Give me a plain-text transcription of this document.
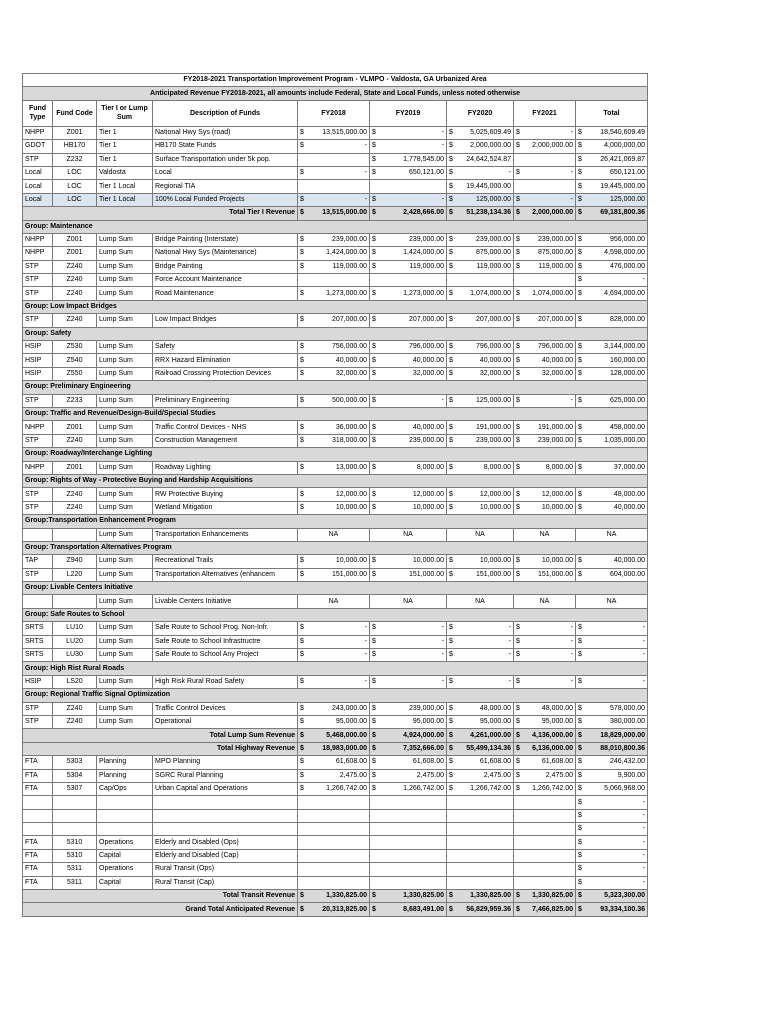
FY2018-2021 Transportation Improvement Program - VLMPO - Valdosta, GA Urbanized Area								
Anticipated Revenue FY2018-2021, all amounts include Federal, State and Local Funds, unless noted otherwise								
Fund Type	Fund Code	Tier I or Lump Sum	Description of Funds	FY2018	FY2019	FY2020	FY2021	Total
NHPP	Z001	Tier 1	National Hwy Sys (road)	$ 13,515,000.00	$ -	$ 5,025,609.49	$ -	$ 18,540,609.49

GDOT	HB170	Tier 1	HB170 State Funds	$ -	$ -	$ 2,000,000.00	$ 2,000,000.00	$ 4,000,000.00

STP	Z232	Tier 1	Surface Transportation under 5k pop.		$ 1,778,545.00	$ 24,642,524.87		$ 26,421,069.87

Local	LOC	Valdosta	Local	$ -	$ 650,121.00	$ -	$ -	$ 650,121.00

Local	LOC	Tier 1 Local	Regional TIA			$ 19,445,000.00		$ 19,445,000.00

Local	LOC	Tier 1 Local	100% Local Funded Projects	$ -	$ -	$ 125,000.00	$ -	$ 125,000.00

Total Tier I Revenue				$ 13,515,000.00	$ 2,428,666.00	$ 51,238,134.36	$ 2,000,000.00	$ 69,181,800.36

Group: Maintenance								
NHPP	Z001	Lump Sum	Bridge Painting (Interstate)	$ 239,000.00	$ 239,000.00	$ 239,000.00	$ 239,000.00	$ 956,000.00

NHPP	Z001	Lump Sum	National Hwy Sys (Maintenance)	$ 1,424,000.00	$ 1,424,000.00	$ 875,000.00	$ 875,000.00	$ 4,598,000.00

STP	Z240	Lump Sum	Bridge Painting	$ 119,000.00	$ 119,000.00	$ 119,000.00	$ 119,000.00	$ 476,000.00

STP	Z240	Lump Sum	Force Account Maintenance					$ -

STP	Z240	Lump Sum	Road Maintenance	$ 1,273,000.00	$ 1,273,000.00	$ 1,074,000.00	$ 1,074,000.00	$ 4,694,000.00

Group: Low Impact Bridges								
STP	Z240	Lump Sum	Low Impact Bridges	$ 207,000.00	$ 207,000.00	$ 207,000.00	$ 207,000.00	$ 828,000.00

Group: Safety								
HSIP	Z530	Lump Sum	Safety	$ 756,000.00	$ 796,000.00	$ 796,000.00	$ 796,000.00	$ 3,144,000.00

HSIP	Z540	Lump Sum	RRX Hazard Elimination	$ 40,000.00	$ 40,000.00	$ 40,000.00	$ 40,000.00	$ 160,000.00

HSIP	Z550	Lump Sum	Railroad Crossing Protection Devices	$ 32,000.00	$ 32,000.00	$ 32,000.00	$ 32,000.00	$ 128,000.00

Group: Preliminary Engineering								
STP	Z233	Lump Sum	Preliminary Engineering	$ 500,000.00	$ -	$ 125,000.00	$ -	$ 625,000.00

Group: Traffic and Revenue/Design-Build/Special Studies								
NHPP	Z001	Lump Sum	Traffic Control Devices - NHS	$ 36,000.00	$ 40,000.00	$ 191,000.00	$ 191,000.00	$ 458,000.00

STP	Z240	Lump Sum	Construction Management	$ 318,000.00	$ 239,000.00	$ 239,000.00	$ 239,000.00	$ 1,035,000.00

Group: Roadway/Interchange Lighting								
NHPP	Z001	Lump Sum	Roadway Lighting	$ 13,000.00	$ 8,000.00	$ 8,000.00	$ 8,000.00	$ 37,000.00

Group: Rights of Way - Protective Buying and Hardship Acquisitions								
STP	Z240	Lump Sum	RW Protective Buying	$ 12,000.00	$ 12,000.00	$ 12,000.00	$ 12,000.00	$ 48,000.00

STP	Z240	Lump Sum	Wetland Mitigation	$ 10,000.00	$ 10,000.00	$ 10,000.00	$ 10,000.00	$ 40,000.00

Group:Transportation Enhancement Program								
		Lump Sum	Transportation Enhancements	NA	NA	NA	NA	NA

Group: Transportation Alternatives Program								
TAP	Z940	Lump Sum	Recreational Trails	$ 10,000.00	$ 10,000.00	$ 10,000.00	$ 10,000.00	$ 40,000.00

STP	L220	Lump Sum	Transportation Alternatives (enhancem	$ 151,000.00	$ 151,000.00	$ 151,000.00	$ 151,000.00	$ 604,000.00

Group: Livable Centers Initiative								
		Lump Sum	Livable Centers Initiative	NA	NA	NA	NA	NA

Group: Safe Routes to School								
SRTS	LU10	Lump Sum	Safe Route to School Prog. Non-Infr.	$ -	$ -	$ -	$ -	$ -

SRTS	LU20	Lump Sum	Safe Route to School Infrastructre	$ -	$ -	$ -	$ -	$ -

SRTS	LU30	Lump Sum	Safe Route to School Any Project	$ -	$ -	$ -	$ -	$ -

Group: High Rist Rural Roads								
HSIP	LS20	Lump Sum	High Risk Rural Road Safety	$ -	$ -	$ -	$ -	$ -

Group: Regional Traffic Signal Optimization								
STP	Z240	Lump Sum	Traffic Control Devices	$ 243,000.00	$ 239,000.00	$ 48,000.00	$ 48,000.00	$ 578,000.00

STP	Z240	Lump Sum	Operational	$ 95,000.00	$ 95,000.00	$ 95,000.00	$ 95,000.00	$ 380,000.00

Total Lump Sum Revenue				$ 5,468,000.00	$ 4,924,000.00	$ 4,261,000.00	$ 4,136,000.00	$ 18,829,000.00

Total Highway Revenue				$ 18,983,000.00	$ 7,352,666.00	$ 55,499,134.36	$ 6,136,000.00	$ 88,010,800.36

FTA	5303	Planning	MPO Planning	$ 61,608.00	$ 61,608.00	$ 61,608.00	$ 61,608.00	$ 246,432.00

FTA	5304	Planning	SGRC Rural Planning	$ 2,475.00	$ 2,475.00	$ 2,475.00	$ 2,475.00	$ 9,900.00

FTA	5307	Cap/Ops	Urban Capital and Operations	$ 1,266,742.00	$ 1,266,742.00	$ 1,266,742.00	$ 1,266,742.00	$ 5,066,968.00

								$ -

								$ -

								$ -

FTA	5310	Operations	Elderly and Disabled (Ops)					$ -

FTA	5310	Capital	Elderly and Disabled (Cap)					$ -

FTA	5311	Operations	Rural Transit (Ops)					$ -

FTA	5311	Capital	Rural Transit (Cap)					$ -

Total Transit Revenue				$ 1,330,825.00	$ 1,330,825.00	$ 1,330,825.00	$ 1,330,825.00	$ 5,323,300.00

Grand Total Anticipated Revenue				$ 20,313,825.00	$ 8,683,491.00	$ 56,829,959.36	$ 7,466,825.00	$ 93,334,100.36
